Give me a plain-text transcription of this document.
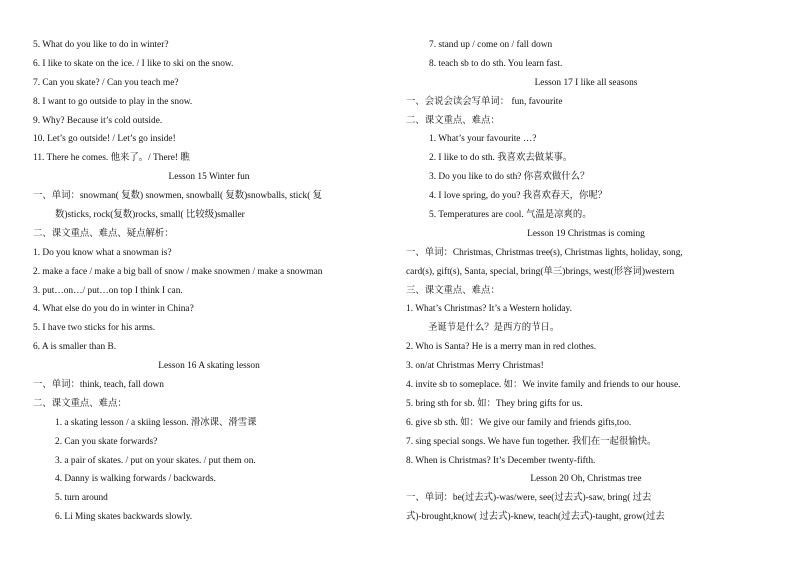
5. What do you like to do in winter?
6. I like to skate on the ice. / I like to ski on the snow.
7. Can you skate? / Can you teach me?
8. I want to go outside to play in the snow.
9. Why? Because it’s cold outside.
10. Let’s go outside! / Let’s go inside!
11. There he comes. 他来了。/ There! 瞧
Lesson 15 Winter fun
一、单词：snowman( 复数) snowmen, snowball( 复数)snowballs, stick( 复
数)sticks, rock(复数)rocks, small( 比较级)smaller
二、课文重点、难点、疑点解析：
1. Do you know what a snowman is?
2. make a face / make a big ball of snow / make snowmen / make a snowman
3. put…on…/ put…on top I think I can.
4. What else do you do in winter in China?
5. I have two sticks for his arms.
6. A is smaller than B.
Lesson 16 A skating lesson
一、单词：think, teach, fall down
二、课文重点、难点：
1. a skating lesson / a skiing lesson. 滑冰课、滑雪课
2. Can you skate forwards?
3. a pair of skates. / put on your skates. / put them on.
4. Danny is walking forwards / backwards.
5. turn around
6. Li Ming skates backwards slowly.
7. stand up / come on / fall down
8. teach sb to do sth. You learn fast.
Lesson 17 I like all seasons
一、会说会读会写单词： fun, favourite
二、课文重点、难点：
1. What’s your favourite …?
2. I like to do sth. 我喜欢去做某事。
3. Do you like to do sth? 你喜欢做什么？
4. I love spring, do you? 我喜欢春天，你呢？
5. Temperatures are cool. 气温是凉爽的。
Lesson 19 Christmas is coming
一、单词：Christmas, Christmas tree(s), Christmas lights, holiday, song,
card(s), gift(s), Santa, special, bring(单三)brings, west(形容词)western
三、课文重点、难点：
1. What’s Christmas? It’s a Western holiday.
圣诞节是什么？是西方的节日。
2. Who is Santa? He is a merry man in red clothes.
3. on/at Christmas Merry Christmas!
4. invite sb to someplace. 如：We invite family and friends to our house.
5. bring sth for sb. 如：They bring gifts for us.
6. give sb sth. 如：We give our family and friends gifts,too.
7. sing special songs. We have fun together. 我们在一起很愉快。
8. When is Christmas? It’s December twenty-fifth.
Lesson 20 Oh, Christmas tree
一、单词：be(过去式)-was/were, see(过去式)-saw, bring( 过去
式)-brought,know( 过去式)-knew, teach(过去式)-taught, grow(过去
